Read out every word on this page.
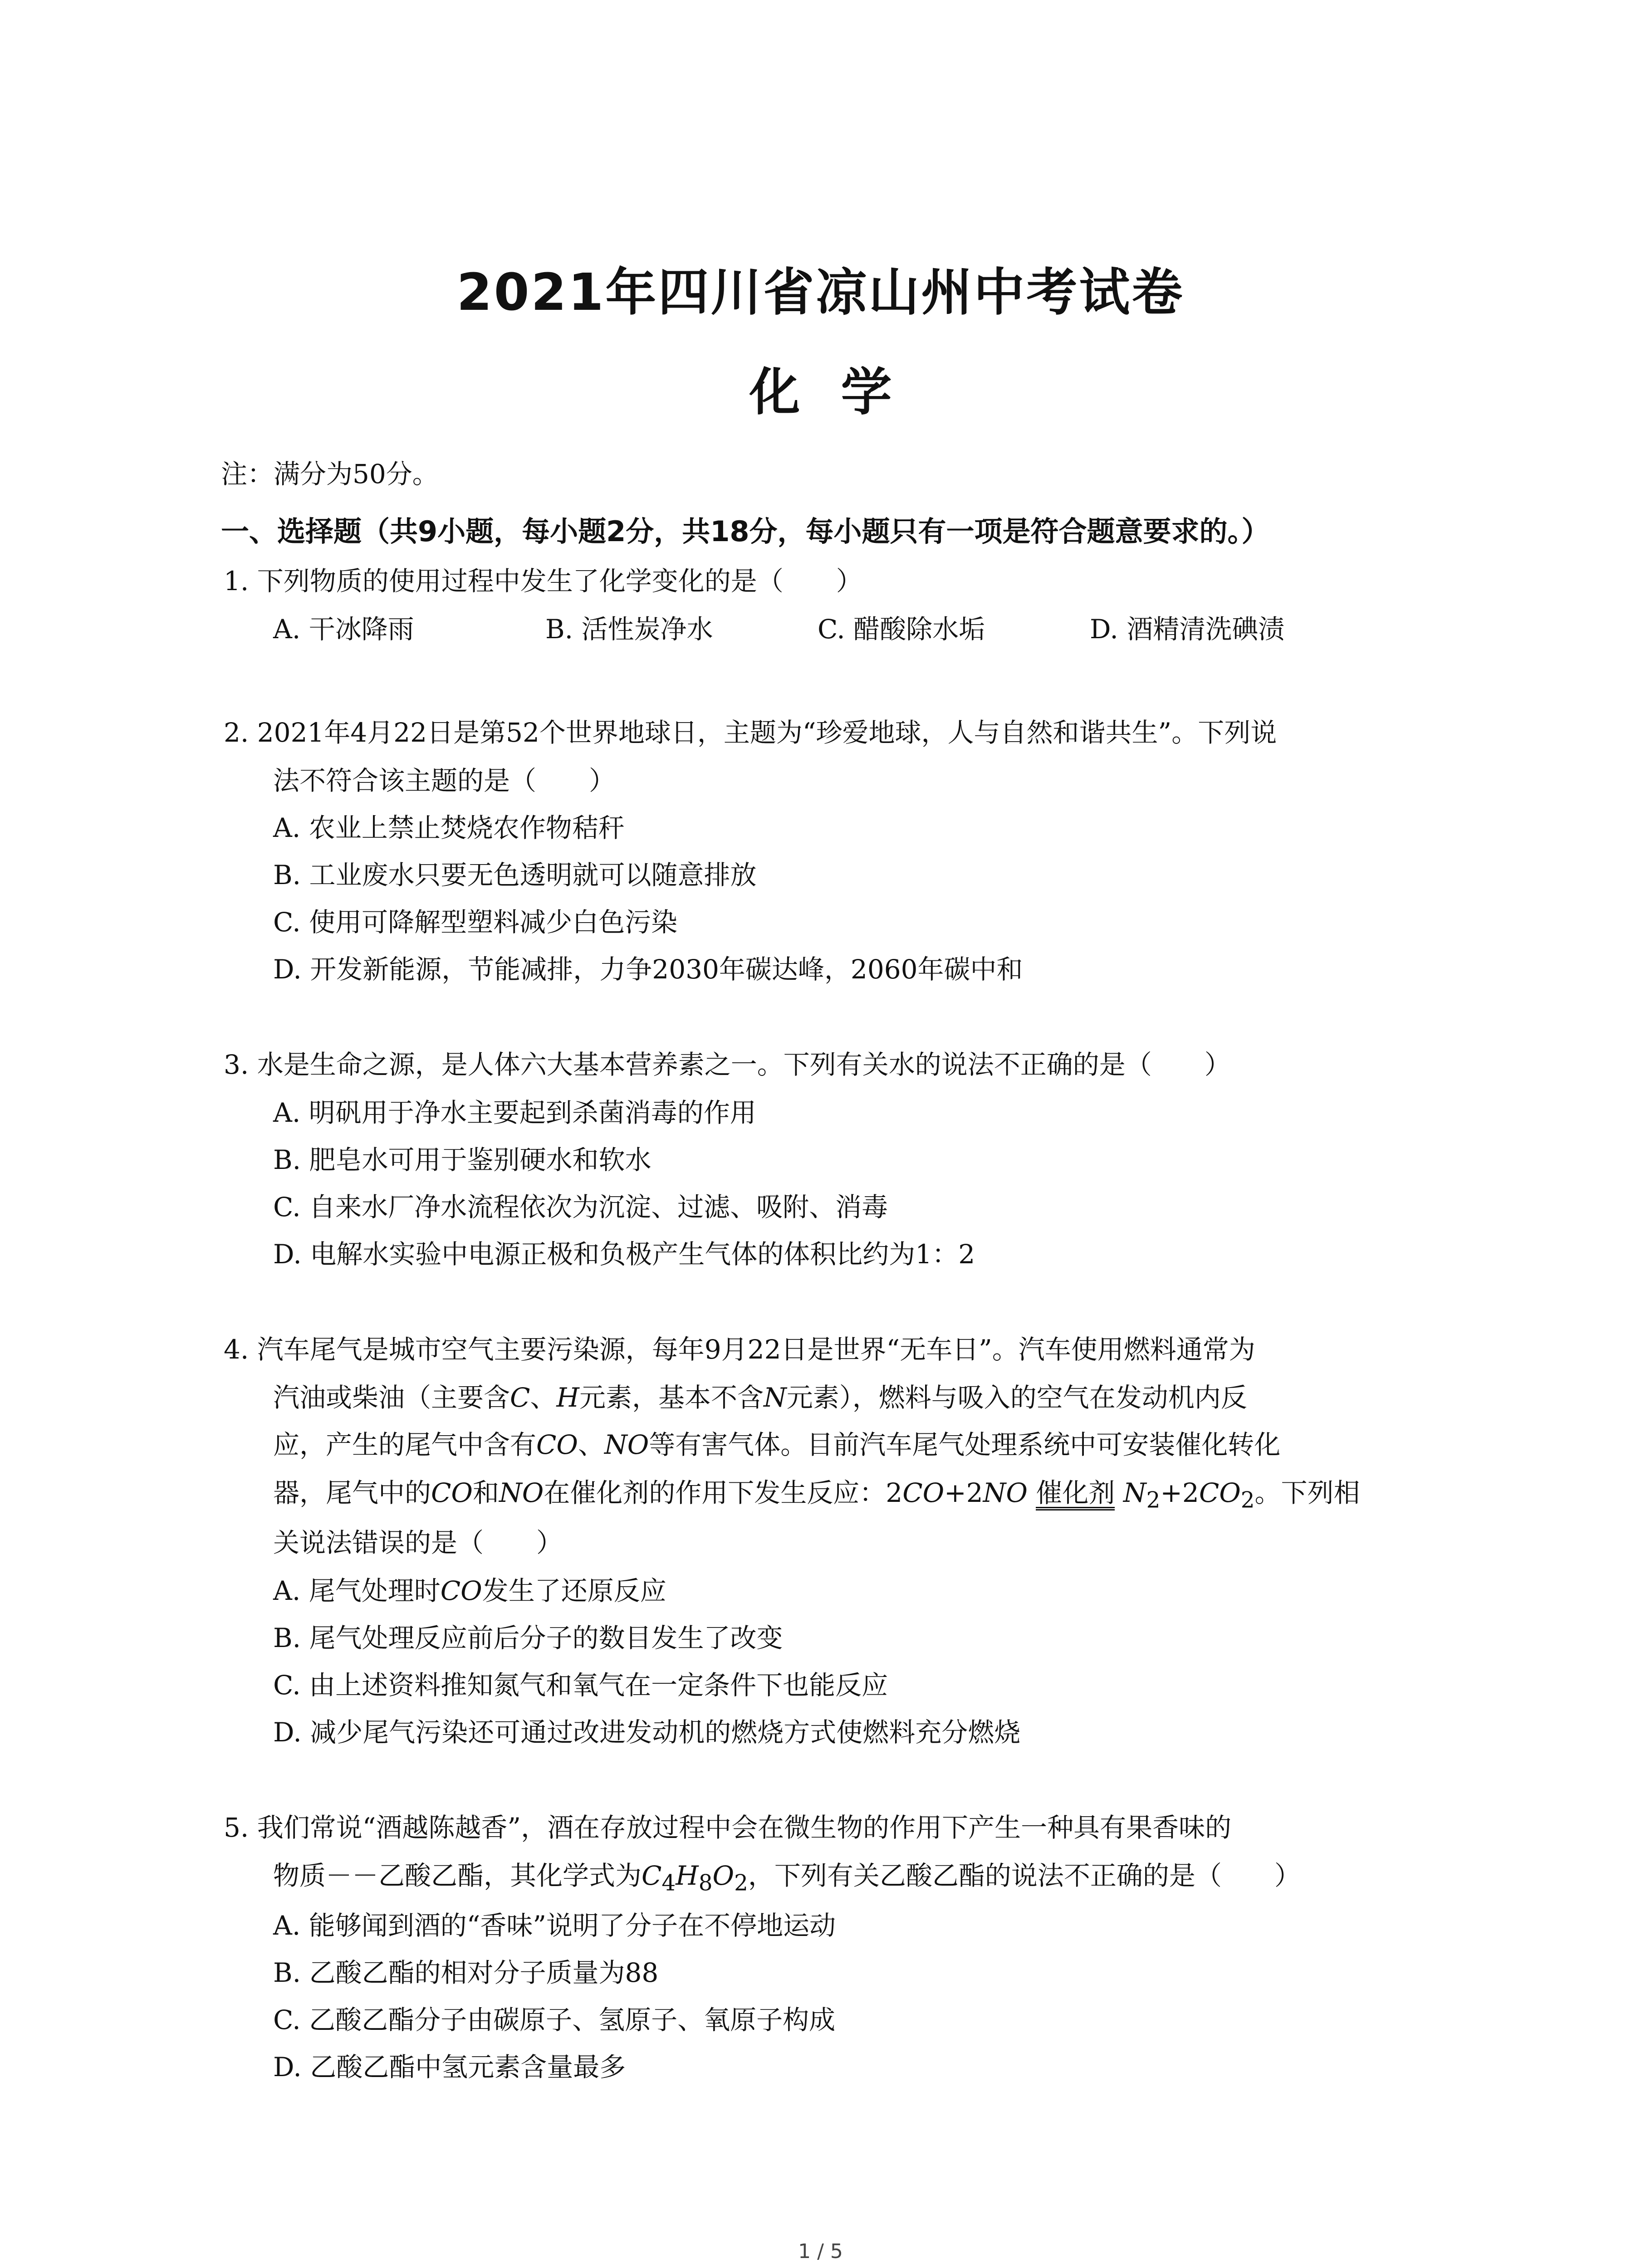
2021年四川省凉山州中考试卷
化学
注：满分为50分。
一、选择题（共9小题，每小题2分，共18分，每小题只有一项是符合题意要求的。）
1. 下列物质的使用过程中发生了化学变化的是（　　）
A. 干冰降雨	B. 活性炭净水	C. 醋酸除水垢	D. 酒精清洗碘渍
2. 2021年4月22日是第52个世界地球日，主题为“珍爱地球，人与自然和谐共生”。下列说
法不符合该主题的是（　　）
A. 农业上禁止焚烧农作物秸秆
B. 工业废水只要无色透明就可以随意排放
C. 使用可降解型塑料减少白色污染
D. 开发新能源，节能减排，力争2030年碳达峰，2060年碳中和
3. 水是生命之源，是人体六大基本营养素之一。下列有关水的说法不正确的是（　　）
A. 明矾用于净水主要起到杀菌消毒的作用
B. 肥皂水可用于鉴别硬水和软水
C. 自来水厂净水流程依次为沉淀、过滤、吸附、消毒
D. 电解水实验中电源正极和负极产生气体的体积比约为1：2
4. 汽车尾气是城市空气主要污染源，每年9月22日是世界“无车日”。汽车使用燃料通常为
汽油或柴油（主要含C、H元素，基本不含N元素），燃料与吸入的空气在发动机内反
应，产生的尾气中含有CO、NO等有害气体。目前汽车尾气处理系统中可安装催化转化
器，尾气中的CO和NO在催化剂的作用下发生反应：2CO+2NO 催化剂 $N_2+2CO_2$。下列相
关说法错误的是（　　）
A. 尾气处理时CO发生了还原反应
B. 尾气处理反应前后分子的数目发生了改变
C. 由上述资料推知氮气和氧气在一定条件下也能反应
D. 减少尾气污染还可通过改进发动机的燃烧方式使燃料充分燃烧
5. 我们常说“酒越陈越香”，酒在存放过程中会在微生物的作用下产生一种具有果香味的
物质－－乙酸乙酯，其化学式为$C_4H_8O_2$，下列有关乙酸乙酯的说法不正确的是（　　）
A. 能够闻到酒的“香味”说明了分子在不停地运动
B. 乙酸乙酯的相对分子质量为88
C. 乙酸乙酯分子由碳原子、氢原子、氧原子构成
D. 乙酸乙酯中氢元素含量最多
1 / 5
